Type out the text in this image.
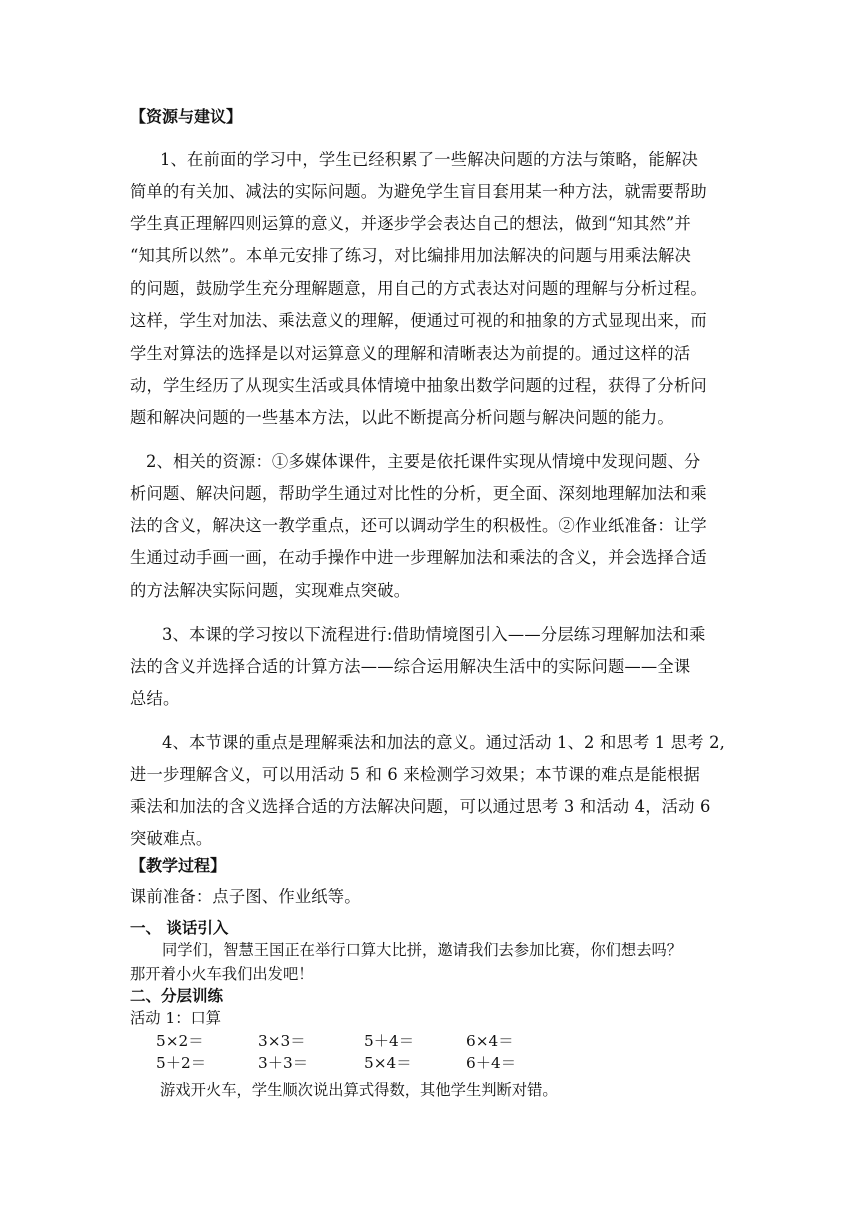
【资源与建议】
1、在前面的学习中，学生已经积累了一些解决问题的方法与策略，能解决
简单的有关加、减法的实际问题。为避免学生盲目套用某一种方法，就需要帮助
学生真正理解四则运算的意义，并逐步学会表达自己的想法，做到“知其然”并
“知其所以然”。本单元安排了练习，对比编排用加法解决的问题与用乘法解决
的问题，鼓励学生充分理解题意，用自己的方式表达对问题的理解与分析过程。
这样，学生对加法、乘法意义的理解，便通过可视的和抽象的方式显现出来，而
学生对算法的选择是以对运算意义的理解和清晰表达为前提的。通过这样的活
动，学生经历了从现实生活或具体情境中抽象出数学问题的过程，获得了分析问
题和解决问题的一些基本方法，以此不断提高分析问题与解决问题的能力。
2、相关的资源：①多媒体课件，主要是依托课件实现从情境中发现问题、分
析问题、解决问题，帮助学生通过对比性的分析，更全面、深刻地理解加法和乘
法的含义，解决这一教学重点，还可以调动学生的积极性。②作业纸准备：让学
生通过动手画一画，在动手操作中进一步理解加法和乘法的含义，并会选择合适
的方法解决实际问题，实现难点突破。
3、本课的学习按以下流程进行:借助情境图引入——分层练习理解加法和乘
法的含义并选择合适的计算方法——综合运用解决生活中的实际问题——全课
总结。
4、本节课的重点是理解乘法和加法的意义。通过活动 1、2 和思考 1 思考 2,
进一步理解含义，可以用活动 5 和 6 来检测学习效果；本节课的难点是能根据
乘法和加法的含义选择合适的方法解决问题，可以通过思考 3 和活动 4，活动 6
突破难点。
【教学过程】
课前准备：点子图、作业纸等。
一、 谈话引入
同学们，智慧王国正在举行口算大比拼，邀请我们去参加比赛，你们想去吗？
那开着小火车我们出发吧！
二、分层训练
活动 1：口算
5×2＝	3×3＝	5＋4＝	6×4＝
5＋2＝	3＋3＝	5×4＝	6＋4＝
游戏开火车，学生顺次说出算式得数，其他学生判断对错。
